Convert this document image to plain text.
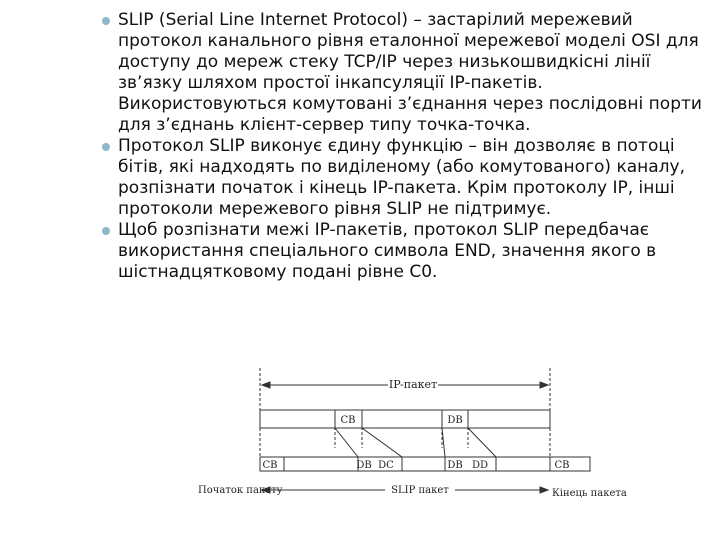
SLIP (Serial Line Internet Protocol) – застарілий мережевий протокол канального рівня еталонної мережевої моделі OSI для доступу до мереж стеку TCP/IP через низькошвидкісні лінії зв’язку шляхом простої інкапсуляції IP-пакетів. Використовуються комутовані з’єднання через послідовні порти для з’єднань клієнт-сервер типу точка-точка.
Протокол SLIP виконує єдину функцію – він дозволяє в потоці бітів, які надходять по виділеному (або комутованого) каналу, розпізнати початок і кінець IP-пакета. Крім протоколу IP, інші протоколи мережевого рівня SLIP не підтримує.
Щоб розпізнати межі IP-пакетів, протокол SLIP передбачає використання спеціального символа END, значення якого в шістнадцятковому подані рівне C0.
IP-пакет
CB	DB
CB	DB DC	DB DD	CB
SLIP пакет
Початок пакету	Кінець пакета
